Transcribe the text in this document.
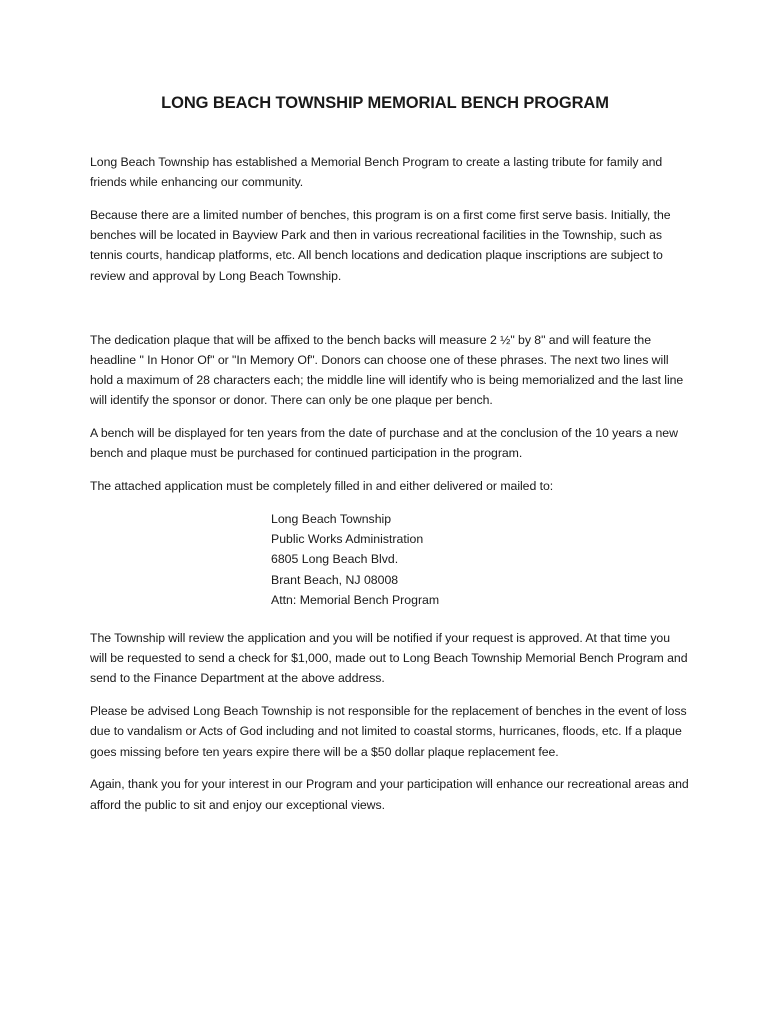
LONG BEACH TOWNSHIP MEMORIAL BENCH PROGRAM

Long Beach Township has established a Memorial Bench Program to create a lasting tribute for family and friends while enhancing our community.

Because there are a limited number of benches, this program is on a first come first serve basis. Initially, the benches will be located in Bayview Park and then in various recreational facilities in the Township, such as tennis courts, handicap platforms, etc. All bench locations and dedication plaque inscriptions are subject to review and approval by Long Beach Township.

The dedication plaque that will be affixed to the bench backs will measure 2 ½" by 8" and will feature the headline " In Honor Of" or "In Memory Of". Donors can choose one of these phrases. The next two lines will hold a maximum of 28 characters each; the middle line will identify who is being memorialized and the last line will identify the sponsor or donor. There can only be one plaque per bench.

A bench will be displayed for ten years from the date of purchase and at the conclusion of the 10 years a new bench and plaque must be purchased for continued participation in the program.

The attached application must be completely filled in and either delivered or mailed to:

Long Beach Township
Public Works Administration
6805 Long Beach Blvd.
Brant Beach, NJ 08008
Attn: Memorial Bench Program

The Township will review the application and you will be notified if your request is approved. At that time you will be requested to send a check for $1,000, made out to Long Beach Township Memorial Bench Program and send to the Finance Department at the above address.

Please be advised Long Beach Township is not responsible for the replacement of benches in the event of loss due to vandalism or Acts of God including and not limited to coastal storms, hurricanes, floods, etc. If a plaque goes missing before ten years expire there will be a $50 dollar plaque replacement fee.

Again, thank you for your interest in our Program and your participation will enhance our recreational areas and afford the public to sit and enjoy our exceptional views.
